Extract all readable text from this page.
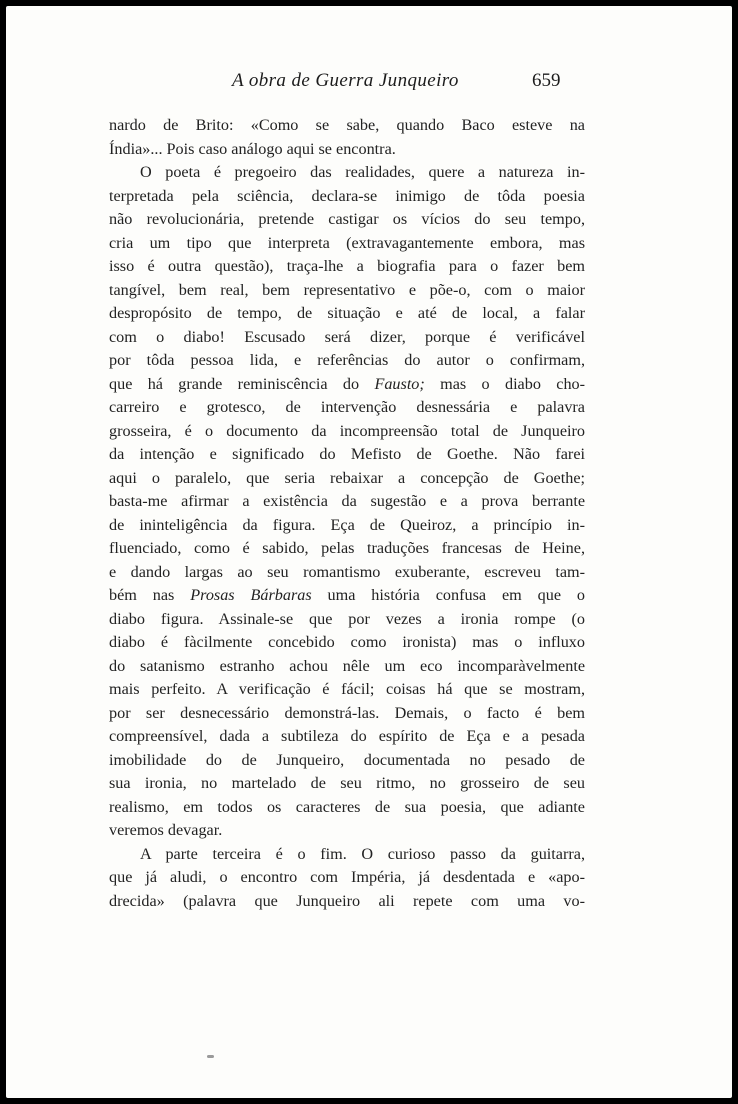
A obra de Guerra Junqueiro	659
nardo de Brito: «Como se sabe, quando Baco esteve na
Índia»... Pois caso análogo aqui se encontra.
O poeta é pregoeiro das realidades, quere a natureza in-
terpretada pela sciência, declara-se inimigo de tôda poesia
não revolucionária, pretende castigar os vícios do seu tempo,
cria um tipo que interpreta (extravagantemente embora, mas
isso é outra questão), traça-lhe a biografia para o fazer bem
tangível, bem real, bem representativo e põe-o, com o maior
despropósito de tempo, de situação e até de local, a falar
com o diabo! Escusado será dizer, porque é verificável
por tôda pessoa lida, e referências do autor o confirmam,
que há grande reminiscência do Fausto; mas o diabo cho-
carreiro e grotesco, de intervenção desnessária e palavra
grosseira, é o documento da incompreensão total de Junqueiro
da intenção e significado do Mefisto de Goethe. Não farei
aqui o paralelo, que seria rebaixar a concepção de Goethe;
basta-me afirmar a existência da sugestão e a prova berrante
de ininteligência da figura. Eça de Queiroz, a princípio in-
fluenciado, como é sabido, pelas traduções francesas de Heine,
e dando largas ao seu romantismo exuberante, escreveu tam-
bém nas Prosas Bárbaras uma história confusa em que o
diabo figura. Assinale-se que por vezes a ironia rompe (o
diabo é fàcilmente concebido como ironista) mas o influxo
do satanismo estranho achou nêle um eco incomparàvelmente
mais perfeito. A verificação é fácil; coisas há que se mostram,
por ser desnecessário demonstrá-las. Demais, o facto é bem
compreensível, dada a subtileza do espírito de Eça e a pesada
imobilidade do de Junqueiro, documentada no pesado de
sua ironia, no martelado de seu ritmo, no grosseiro de seu
realismo, em todos os caracteres de sua poesia, que adiante
veremos devagar.
A parte terceira é o fim. O curioso passo da guitarra,
que já aludi, o encontro com Impéria, já desdentada e «apo-
drecida» (palavra que Junqueiro ali repete com uma vo-
